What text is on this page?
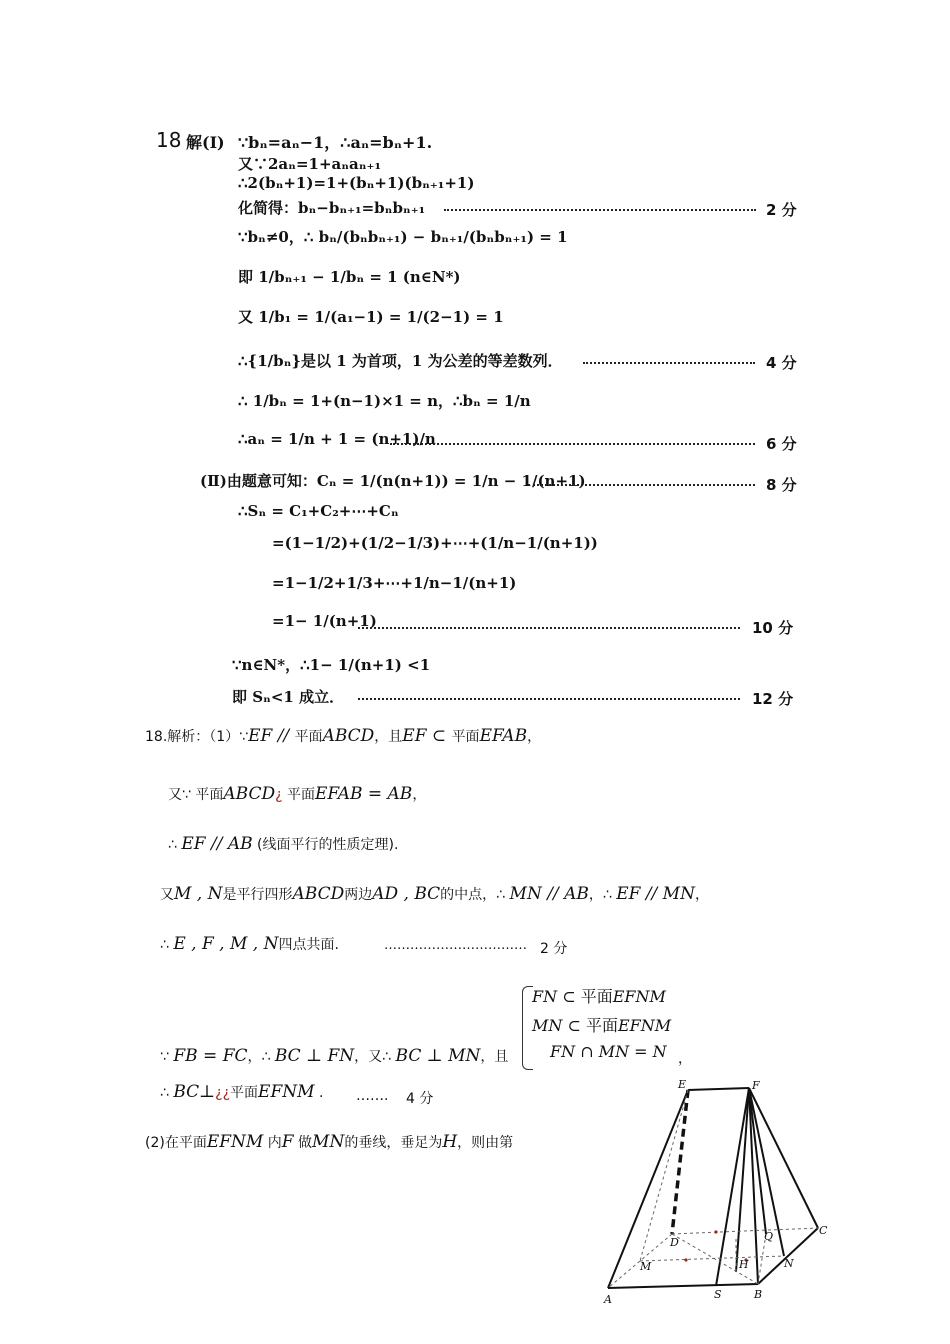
18 解(Ⅰ) ∵bₙ=aₙ−1，∴aₙ=bₙ+1.
又∵2aₙ=1+aₙaₙ₊₁
∴2(bₙ+1)=1+(bₙ+1)(bₙ₊₁+1)
化简得：bₙ−bₙ₊₁=bₙbₙ₊₁	2 分
∵bₙ≠0，∴ bₙ/(bₙbₙ₊₁) − bₙ₊₁/(bₙbₙ₊₁) = 1
即 1/bₙ₊₁ − 1/bₙ = 1 (n∈N*)
又 1/b₁ = 1/(a₁−1) = 1/(2−1) = 1
∴{1/bₙ}是以 1 为首项，1 为公差的等差数列．	4 分
∴ 1/bₙ = 1+(n−1)×1 = n，∴bₙ = 1/n
∴aₙ = 1/n + 1 = (n+1)/n	6 分
(Ⅱ)由题意可知：Cₙ = 1/(n(n+1)) = 1/n − 1/(n+1)	8 分
∴Sₙ = C₁+C₂+⋯+Cₙ
=(1−1/2)+(1/2−1/3)+⋯+(1/n−1/(n+1))
=1−1/2+1/3+⋯+1/n−1/(n+1)
=1− 1/(n+1)	10 分
∵n∈N*，∴1− 1/(n+1) <1
即 Sₙ<1 成立．	12 分
18.解析：（1）∵EF // 平面ABCD，且EF ⊂ 平面EFAB，
又∵ 平面ABCD¿ 平面EFAB = AB，
∴ EF // AB (线面平行的性质定理).
又M , N是平行四形ABCD两边AD , BC的中点，∴ MN // AB，∴ EF // MN，
∴ E , F , M , N四点共面.	…………………………… 2 分
FN ⊂ 平面EFNM
MN ⊂ 平面EFNM
FN ∩ MN = N ，
∵ FB = FC，∴ BC ⊥ FN，又∴ BC ⊥ MN，且
∴ BC⊥¿¿平面EFNM . ……. 4 分
(2)在平面EFNM 内F 做MN的垂线，垂足为H，则由第
E	F
D	Q	C
M	H	N
A	S	B
